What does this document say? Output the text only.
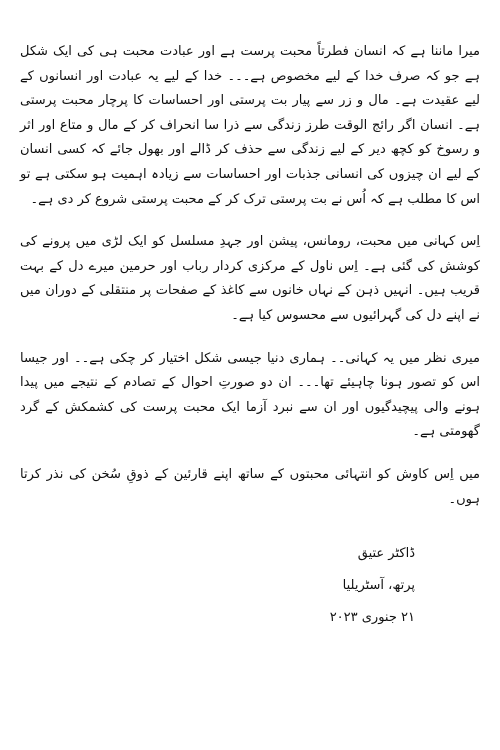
میرا ماننا ہے کہ انسان فطرتاً محبت پرست ہے اور عبادت محبت ہی کی ایک شکل ہے جو کہ صرف خدا کے لیے مخصوص ہے۔۔۔ خدا کے لیے یہ عبادت اور انسانوں کے لیے عقیدت ہے۔ مال و زر سے پیار بت پرستی اور احساسات کا پرچار محبت پرستی ہے۔ انسان اگر رائج الوقت طرز زندگی سے ذرا سا انحراف کر کے مال و متاع اور اثر و رسوخ کو کچھ دیر کے لیے زندگی سے حذف کر ڈالے اور بھول جائے کہ کسی انسان کے لیے ان چیزوں کی انسانی جذبات اور احساسات سے زیادہ اہمیت ہو سکتی ہے تو اس کا مطلب ہے کہ اُس نے بت پرستی ترک کر کے محبت پرستی شروع کر دی ہے۔

اِس کہانی میں محبت، رومانس، پیشن اور جہدِ مسلسل کو ایک لڑی میں پرونے کی کوشش کی گئی ہے۔ اِس ناول کے مرکزی کردار رباب اور حرمین میرے دل کے بہت قریب ہیں۔ انہیں ذہن کے نہاں خانوں سے کاغذ کے صفحات پر منتقلی کے دوران میں نے اپنے دل کی گہرائیوں سے محسوس کیا ہے۔

میری نظر میں یہ کہانی۔۔ ہماری دنیا جیسی شکل اختیار کر چکی ہے۔۔ اور جیسا اس کو تصور ہونا چاہیئے تھا۔۔۔ ان دو صورتِ احوال کے تصادم کے نتیجے میں پیدا ہونے والی پیچیدگیوں اور ان سے نبرد آزما ایک محبت پرست کی کشمکش کے گرد گھومتی ہے۔

میں اِس کاوش کو انتہائی محبتوں کے ساتھ اپنے قارئین کے ذوقِ سُخن کی نذر کرتا ہوں۔

ڈاکٹر عتیق
پرتھ، آسٹریلیا
۲۱ جنوری ۲۰۲۳
